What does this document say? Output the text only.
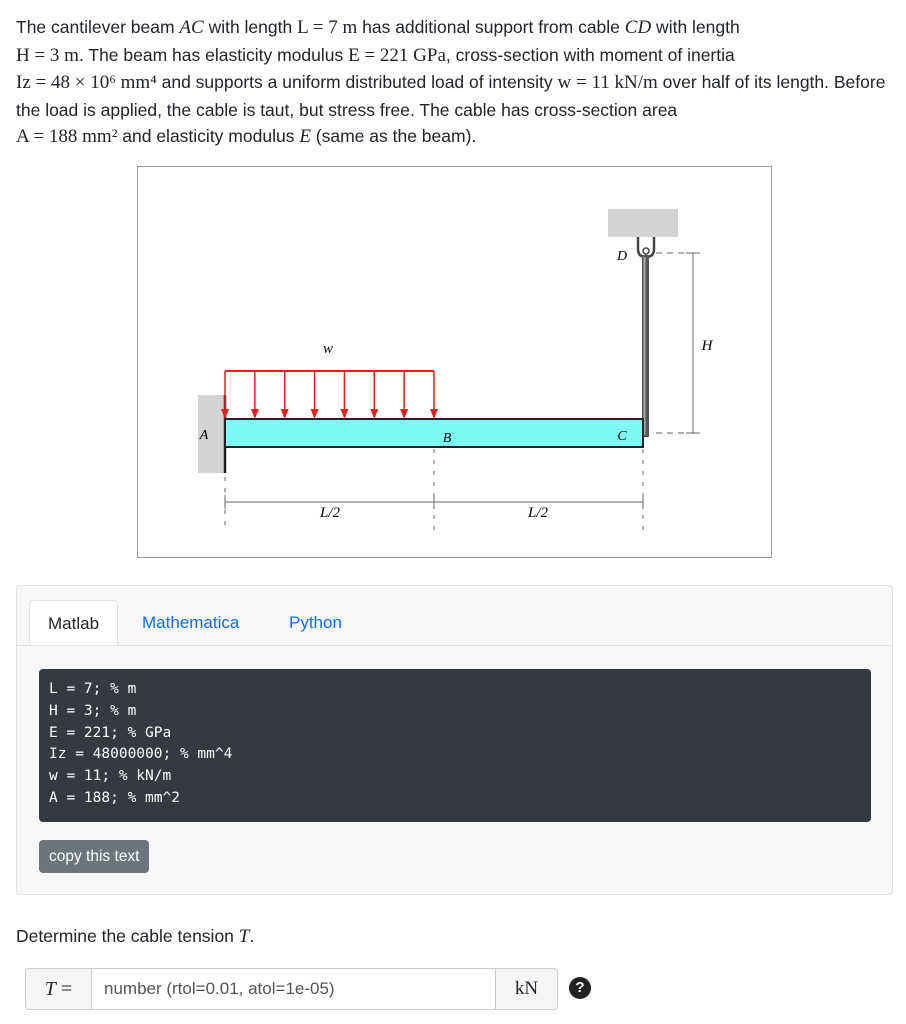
The cantilever beam AC with length L = 7 m has additional support from cable CD with length
H = 3 m. The beam has elasticity modulus E = 221 GPa, cross-section with moment of inertia
Iz = 48 × 10⁶ mm⁴ and supports a uniform distributed load of intensity w = 11 kN/m over half of its length. Before the load is applied, the cable is taut, but stress free. The cable has cross-section area
A = 188 mm² and elasticity modulus E (same as the beam).
w
A	B	C
D
H
L/2	L/2
Matlab	Mathematica	Python
L = 7; % m
H = 3; % m
E = 221; % GPa
Iz = 48000000; % mm^4
w = 11; % kN/m
A = 188; % mm^2
copy this text
Determine the cable tension T.
T =
number (rtol=0.01, atol=1e-05)	kN	?
